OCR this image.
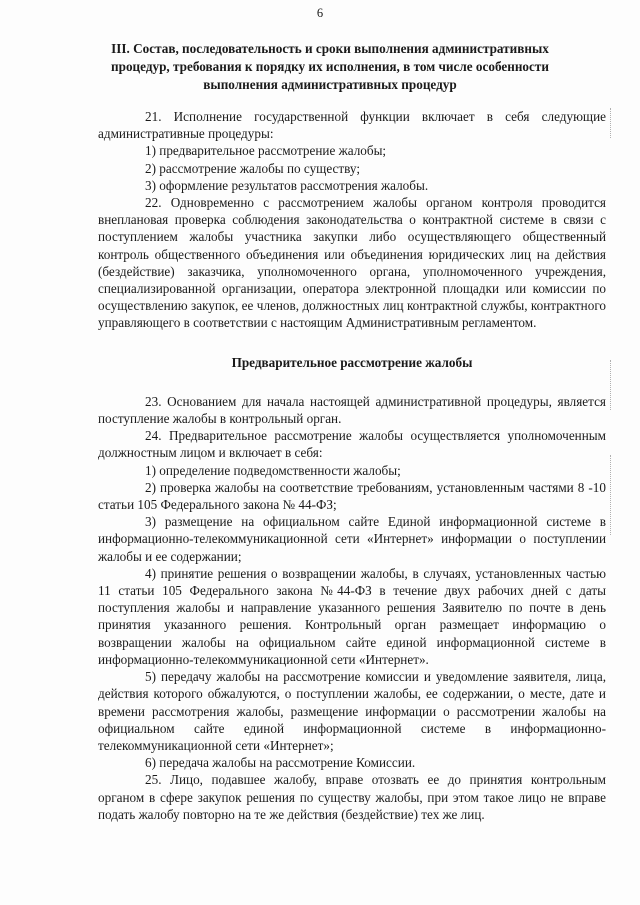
6
III. Состав, последовательность и сроки выполнения административных процедур, требования к порядку их исполнения, в том числе особенности выполнения административных процедур

21. Исполнение государственной функции включает в себя следующие административные процедуры:

1) предварительное рассмотрение жалобы;

2) рассмотрение жалобы по существу;

3) оформление результатов рассмотрения жалобы.

22. Одновременно с рассмотрением жалобы органом контроля проводится внеплановая проверка соблюдения законодательства о контрактной системе в связи с поступлением жалобы участника закупки либо осуществляющего общественный контроль общественного объединения или объединения юридических лиц на действия (бездействие) заказчика, уполномоченного органа, уполномоченного учреждения, специализированной организации, оператора электронной площадки или комиссии по осуществлению закупок, ее членов, должностных лиц контрактной службы, контрактного управляющего в соответствии с настоящим Административным регламентом.

Предварительное рассмотрение жалобы

23. Основанием для начала настоящей административной процедуры, является поступление жалобы в контрольный орган.

24. Предварительное рассмотрение жалобы осуществляется уполномоченным должностным лицом и включает в себя:

1) определение подведомственности жалобы;

2) проверка жалобы на соответствие требованиям, установленным частями 8 -10 статьи 105 Федерального закона № 44-ФЗ;

3) размещение на официальном сайте Единой информационной системе в информационно-телекоммуникационной сети «Интернет» информации о поступлении жалобы и ее содержании;

4) принятие решения о возвращении жалобы, в случаях, установленных частью 11 статьи 105 Федерального закона №44-ФЗ в течение двух рабочих дней с даты поступления жалобы и направление указанного решения Заявителю по почте в день принятия указанного решения. Контрольный орган размещает информацию о возвращении жалобы на официальном сайте единой информационной системе в информационно-телекоммуникационной сети «Интернет».

5) передачу жалобы на рассмотрение комиссии и уведомление заявителя, лица, действия которого обжалуются, о поступлении жалобы, ее содержании, о месте, дате и времени рассмотрения жалобы, размещение информации о рассмотрении жалобы на официальном сайте единой информационной системе в информационно-телекоммуникационной сети «Интернет»;

6) передача жалобы на рассмотрение Комиссии.

25. Лицо, подавшее жалобу, вправе отозвать ее до принятия контрольным органом в сфере закупок решения по существу жалобы, при этом такое лицо не вправе подать жалобу повторно на те же действия (бездействие) тех же лиц.
